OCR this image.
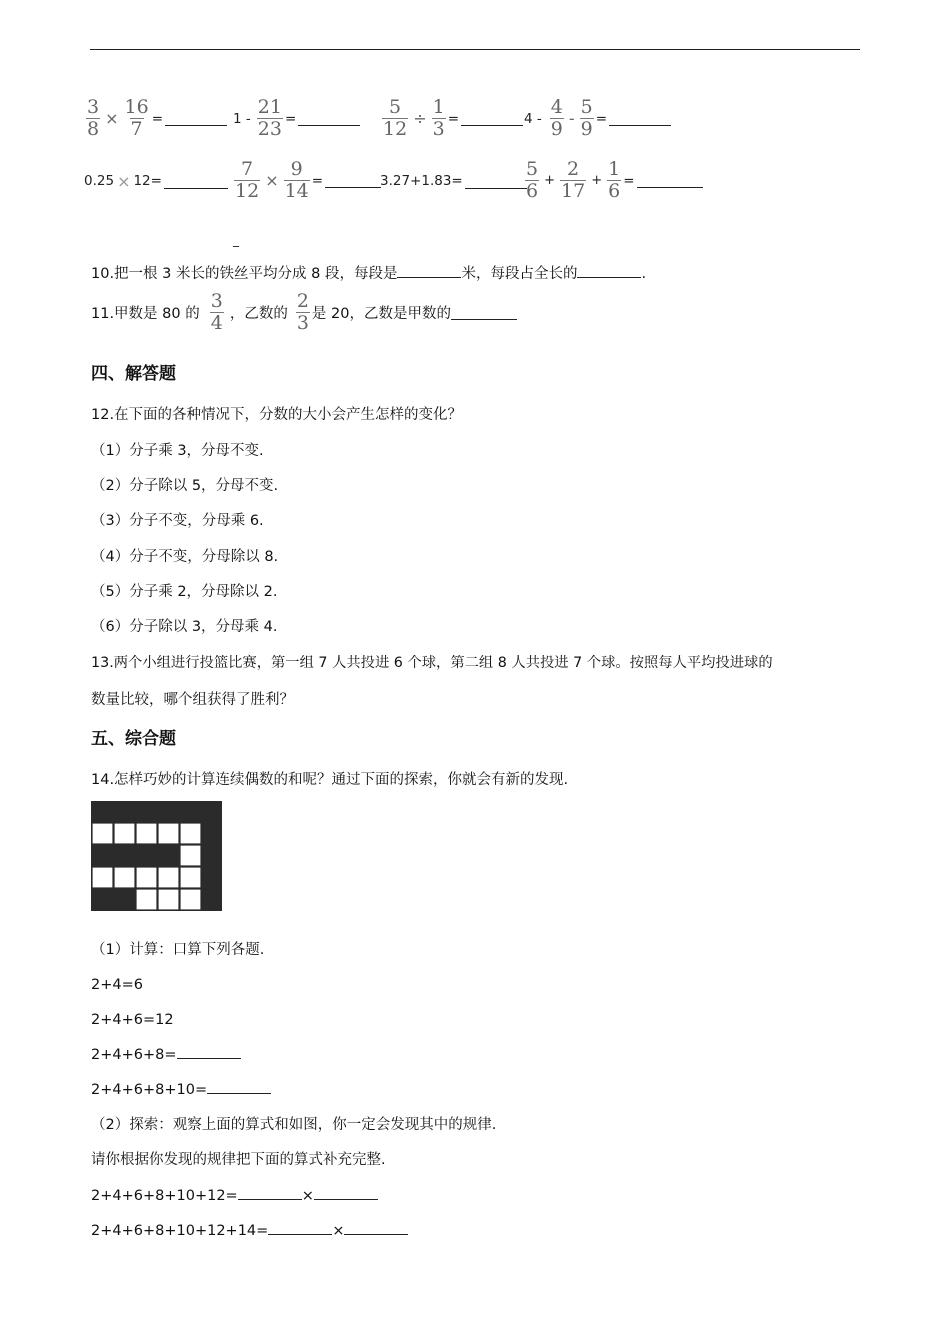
$\frac{3}{8} \times \frac{16}{7}$ =	$1 - \frac{21}{23}$ =	$\frac{5}{12} \div \frac{1}{3}$ =	$4 - \frac{4}{9} - \frac{5}{9}$ =
0.25 × 12=	$\frac{7}{12} \times \frac{9}{14}$ =	3.27+1.83=	$\frac{5}{6} + \frac{2}{17} + \frac{1}{6}$ =
_
10.把一根 3 米长的铁丝平均分成 8 段，每段是	米，每段占全长的	.
11.甲数是 80 的 $\frac{3}{4}$ ，乙数的 $\frac{2}{3}$ 是 20，乙数是甲数的
四、解答题
12.在下面的各种情况下，分数的大小会产生怎样的变化？
（1）分子乘 3，分母不变.
（2）分子除以 5，分母不变.
（3）分子不变，分母乘 6.
（4）分子不变，分母除以 8.
（5）分子乘 2，分母除以 2.
（6）分子除以 3，分母乘 4.
13.两个小组进行投篮比赛，第一组 7 人共投进 6 个球，第二组 8 人共投进 7 个球。按照每人平均投进球的
数量比较，哪个组获得了胜利？
五、综合题
14.怎样巧妙的计算连续偶数的和呢？通过下面的探索，你就会有新的发现.
（1）计算：口算下列各题.
2+4=6
2+4+6=12
2+4+6+8=
2+4+6+8+10=
（2）探索：观察上面的算式和如图，你一定会发现其中的规律.
请你根据你发现的规律把下面的算式补充完整.
2+4+6+8+10+12=	×
2+4+6+8+10+12+14=	×
